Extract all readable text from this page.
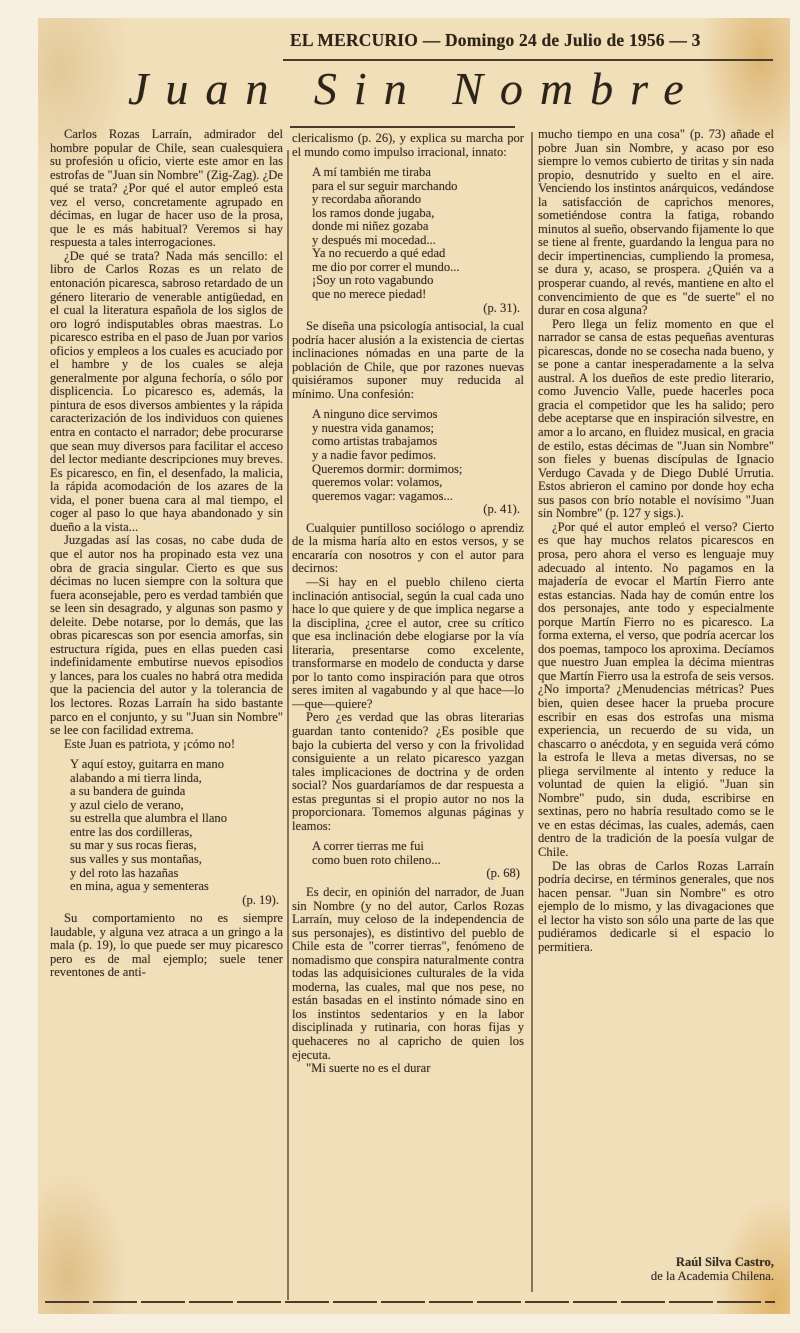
EL MERCURIO — Domingo 24 de Julio de 1956 — 3
Juan Sin Nombre

Carlos Rozas Larraín, admirador del hombre popular de Chile, sean cualesquiera su profesión u oficio, vierte este amor en las estrofas de "Juan sin Nombre" (Zig-Zag). ¿De qué se trata? ¿Por qué el autor empleó esta vez el verso, concretamente agrupado en décimas, en lugar de hacer uso de la prosa, que le es más habitual? Veremos si hay respuesta a tales interrogaciones.

¿De qué se trata? Nada más sencillo: el libro de Carlos Rozas es un relato de entonación picaresca, sabroso retardado de un género literario de venerable antigüedad, en el cual la literatura española de los siglos de oro logró indisputables obras maestras. Lo picaresco estriba en el paso de Juan por varios oficios y empleos a los cuales es acuciado por el hambre y de los cuales se aleja generalmente por alguna fechoría, o sólo por displicencia. Lo picaresco es, además, la pintura de esos diversos ambientes y la rápida caracterización de los individuos con quienes entra en contacto el narrador; debe procurarse que sean muy diversos para facilitar el acceso del lector mediante descripciones muy breves. Es picaresco, en fin, el desenfado, la malicia, la rápida acomodación de los azares de la vida, el poner buena cara al mal tiempo, el coger al paso lo que haya abandonado y sin dueño a la vista...

Juzgadas así las cosas, no cabe duda de que el autor nos ha propinado esta vez una obra de gracia singular. Cierto es que sus décimas no lucen siempre con la soltura que fuera aconsejable, pero es verdad también que se leen sin desagrado, y algunas son pasmo y deleite. Debe notarse, por lo demás, que las obras picarescas son por esencia amorfas, sin estructura rígida, pues en ellas pueden casi indefinidamente embutirse nuevos episodios y lances, para los cuales no habrá otra medida que la paciencia del autor y la tolerancia de los lectores. Rozas Larraín ha sido bastante parco en el conjunto, y su "Juan sin Nombre" se lee con facilidad extrema.

Este Juan es patriota, y ¡cómo no!

Y aquí estoy, guitarra en mano
alabando a mi tierra linda,
a su bandera de guinda
y azul cielo de verano,
su estrella que alumbra el llano
entre las dos cordilleras,
su mar y sus rocas fieras,
sus valles y sus montañas,
y del roto las hazañas
en mina, agua y sementeras
(p. 19).

Su comportamiento no es siempre laudable, y alguna vez atraca a un gringo a la mala (p. 19), lo que puede ser muy picaresco pero es de mal ejemplo; suele tener reventones de anti-

clericalismo (p. 26), y explica su marcha por el mundo como impulso irracional, innato:

A mí también me tiraba
para el sur seguir marchando
y recordaba añorando
los ramos donde jugaba,
donde mi niñez gozaba
y después mi mocedad...
Ya no recuerdo a qué edad
me dio por correr el mundo...
¡Soy un roto vagabundo
que no merece piedad!
(p. 31).

Se diseña una psicología antisocial, la cual podría hacer alusión a la existencia de ciertas inclinaciones nómadas en una parte de la población de Chile, que por razones nuevas quisiéramos suponer muy reducida al mínimo. Una confesión:

A ninguno dice servimos
y nuestra vida ganamos;
como artistas trabajamos
y a nadie favor pedimos.
Queremos dormir: dormimos;
queremos volar: volamos,
queremos vagar: vagamos...
(p. 41).

Cualquier puntilloso sociólogo o aprendiz de la misma haría alto en estos versos, y se encararía con nosotros y con el autor para decirnos:

—Si hay en el pueblo chileno cierta inclinación antisocial, según la cual cada uno hace lo que quiere y de que implica negarse a la disciplina, ¿cree el autor, cree su crítico que esa inclinación debe elogiarse por la vía literaria, presentarse como excelente, transformarse en modelo de conducta y darse por lo tanto como inspiración para que otros seres imiten al vagabundo y al que hace—lo—que—quiere?

Pero ¿es verdad que las obras literarias guardan tanto contenido? ¿Es posible que bajo la cubierta del verso y con la frivolidad consiguiente a un relato picaresco yazgan tales implicaciones de doctrina y de orden social? Nos guardaríamos de dar respuesta a estas preguntas si el propio autor no nos la proporcionara. Tomemos algunas páginas y leamos:

A correr tierras me fui
como buen roto chileno...
(p. 68)

Es decir, en opinión del narrador, de Juan sin Nombre (y no del autor, Carlos Rozas Larraín, muy celoso de la independencia de sus personajes), es distintivo del pueblo de Chile esta de "correr tierras", fenómeno de nomadismo que conspira naturalmente contra todas las adquisiciones culturales de la vida moderna, las cuales, mal que nos pese, no están basadas en el instinto nómade sino en los instintos sedentarios y en la labor disciplinada y rutinaria, con horas fijas y quehaceres no al capricho de quien los ejecuta.

"Mi suerte no es el durar

mucho tiempo en una cosa" (p. 73) añade el pobre Juan sin Nombre, y acaso por eso siempre lo vemos cubierto de tiritas y sin nada propio, desnutrido y suelto en el aire. Venciendo los instintos anárquicos, vedándose la satisfacción de caprichos menores, sometiéndose contra la fatiga, robando minutos al sueño, observando fijamente lo que se tiene al frente, guardando la lengua para no decir impertinencias, cumpliendo la promesa, se dura y, acaso, se prospera. ¿Quién va a prosperar cuando, al revés, mantiene en alto el convencimiento de que es "de suerte" el no durar en cosa alguna?

Pero llega un feliz momento en que el narrador se cansa de estas pequeñas aventuras picarescas, donde no se cosecha nada bueno, y se pone a cantar inesperadamente a la selva austral. A los dueños de este predio literario, como Juvencio Valle, puede hacerles poca gracia el competidor que les ha salido; pero debe aceptarse que en inspiración silvestre, en amor a lo arcano, en fluidez musical, en gracia de estilo, estas décimas de "Juan sin Nombre" son fieles y buenas discípulas de Ignacio Verdugo Cavada y de Diego Dublé Urrutia. Estos abrieron el camino por donde hoy echa sus pasos con brío notable el novísimo "Juan sin Nombre" (p. 127 y sigs.).

¿Por qué el autor empleó el verso? Cierto es que hay muchos relatos picarescos en prosa, pero ahora el verso es lenguaje muy adecuado al intento. No pagamos en la majadería de evocar el Martín Fierro ante estas estancias. Nada hay de común entre los dos personajes, ante todo y especialmente porque Martín Fierro no es picaresco. La forma externa, el verso, que podría acercar los dos poemas, tampoco los aproxima. Decíamos que nuestro Juan emplea la décima mientras que Martín Fierro usa la estrofa de seis versos. ¿No importa? ¿Menudencias métricas? Pues bien, quien desee hacer la prueba procure escribir en esas dos estrofas una misma experiencia, un recuerdo de su vida, un chascarro o anécdota, y en seguida verá cómo la estrofa le lleva a metas diversas, no se pliega servilmente al intento y reduce la voluntad de quien la eligió. "Juan sin Nombre" pudo, sin duda, escribirse en sextinas, pero no habría resultado como se le ve en estas décimas, las cuales, además, caen dentro de la tradición de la poesía vulgar de Chile.

De las obras de Carlos Rozas Larraín podría decirse, en términos generales, que nos hacen pensar. "Juan sin Nombre" es otro ejemplo de lo mismo, y las divagaciones que el lector ha visto son sólo una parte de las que pudiéramos dedicarle si el espacio lo permitiera.

Raúl Silva Castro,
de la Academia Chilena.
